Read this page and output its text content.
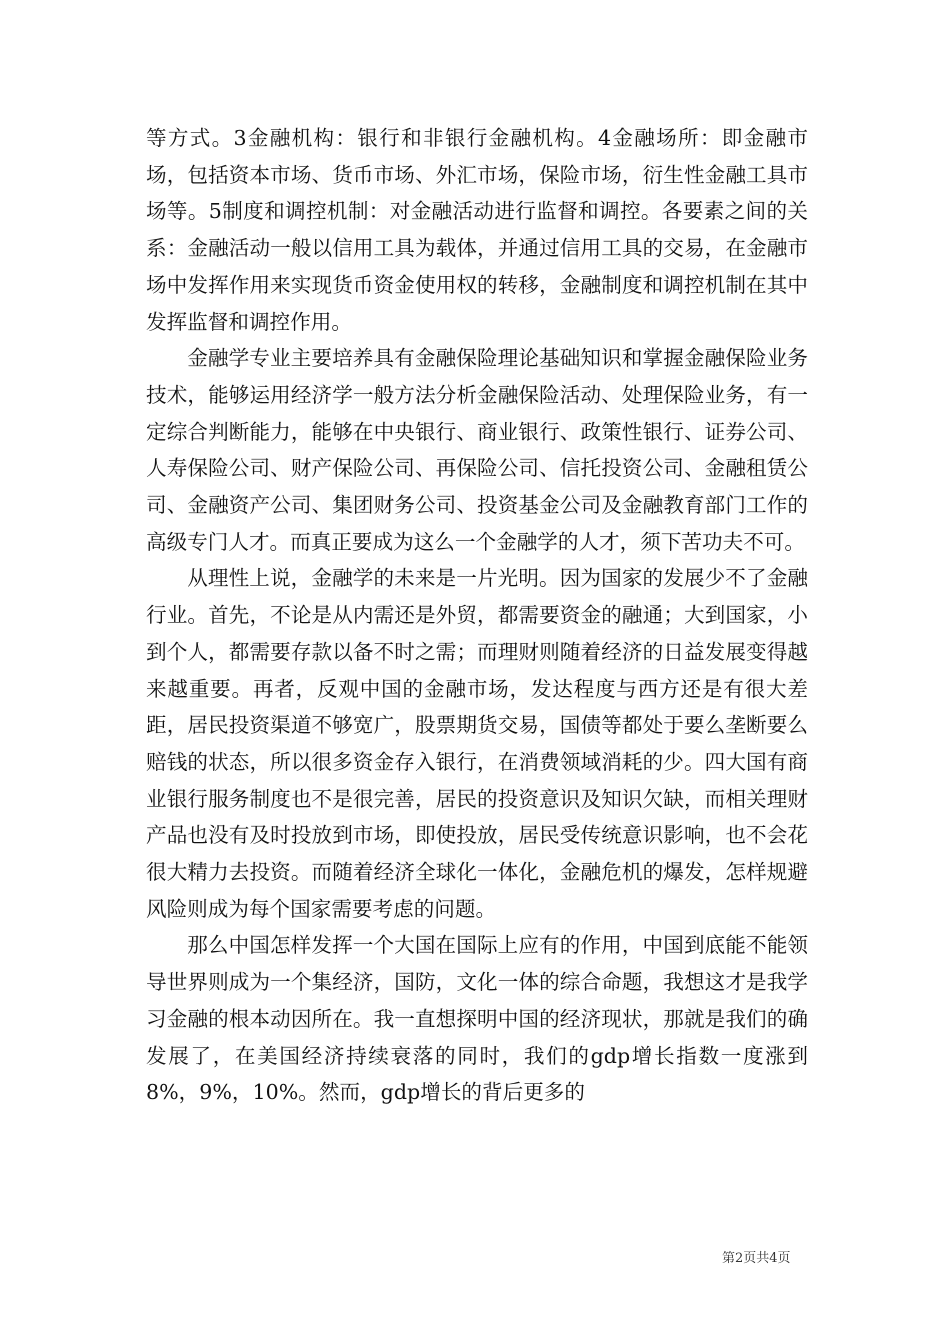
等方式。3金融机构：银行和非银行金融机构。4金融场所：即金融市场，包括资本市场、货币市场、外汇市场，保险市场，衍生性金融工具市场等。5制度和调控机制：对金融活动进行监督和调控。各要素之间的关系：金融活动一般以信用工具为载体，并通过信用工具的交易，在金融市场中发挥作用来实现货币资金使用权的转移，金融制度和调控机制在其中发挥监督和调控作用。

金融学专业主要培养具有金融保险理论基础知识和掌握金融保险业务技术，能够运用经济学一般方法分析金融保险活动、处理保险业务，有一定综合判断能力，能够在中央银行、商业银行、政策性银行、证券公司、人寿保险公司、财产保险公司、再保险公司、信托投资公司、金融租赁公司、金融资产公司、集团财务公司、投资基金公司及金融教育部门工作的高级专门人才。而真正要成为这么一个金融学的人才，须下苦功夫不可。

从理性上说，金融学的未来是一片光明。因为国家的发展少不了金融行业。首先，不论是从内需还是外贸，都需要资金的融通；大到国家，小到个人，都需要存款以备不时之需；而理财则随着经济的日益发展变得越来越重要。再者，反观中国的金融市场，发达程度与西方还是有很大差距，居民投资渠道不够宽广，股票期货交易，国债等都处于要么垄断要么赔钱的状态，所以很多资金存入银行，在消费领域消耗的少。四大国有商业银行服务制度也不是很完善，居民的投资意识及知识欠缺，而相关理财产品也没有及时投放到市场，即使投放，居民受传统意识影响，也不会花很大精力去投资。而随着经济全球化一体化，金融危机的爆发，怎样规避风险则成为每个国家需要考虑的问题。

那么中国怎样发挥一个大国在国际上应有的作用，中国到底能不能领导世界则成为一个集经济，国防，文化一体的综合命题，我想这才是我学习金融的根本动因所在。我一直想探明中国的经济现状，那就是我们的确发展了，在美国经济持续衰落的同时，我们的gdp增长指数一度涨到8%，9%，10%。然而，gdp增长的背后更多的

第2页共4页
